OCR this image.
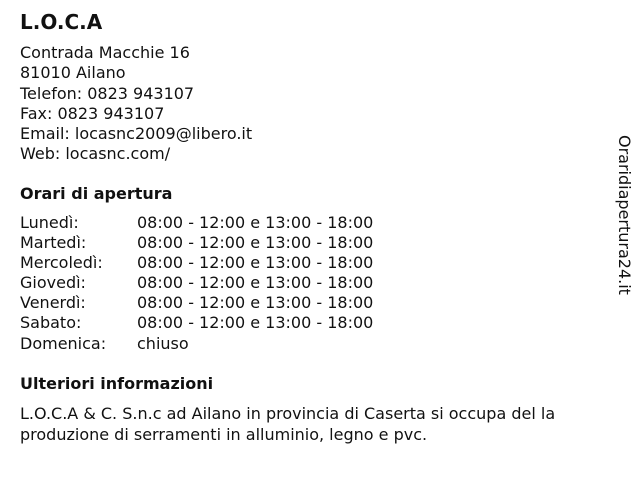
L.O.C.A
Contrada Macchie 16
81010 Ailano
Telefon: 0823 943107
Fax: 0823 943107
Email: locasnc2009@libero.it
Web: locasnc.com/
Orari di apertura
Lunedì:	08:00 - 12:00 e 13:00 - 18:00
Martedì:	08:00 - 12:00 e 13:00 - 18:00
Mercoledì: 08:00 - 12:00 e 13:00 - 18:00
Giovedì:	08:00 - 12:00 e 13:00 - 18:00
Venerdì:	08:00 - 12:00 e 13:00 - 18:00
Sabato:	08:00 - 12:00 e 13:00 - 18:00
Domenica: chiuso
Ulteriori informazioni

L.O.C.A & C. S.n.c ad Ailano in provincia di Caserta si occupa del la produzione di serramenti in alluminio, legno e pvc.

Oraridiapertura24.it
